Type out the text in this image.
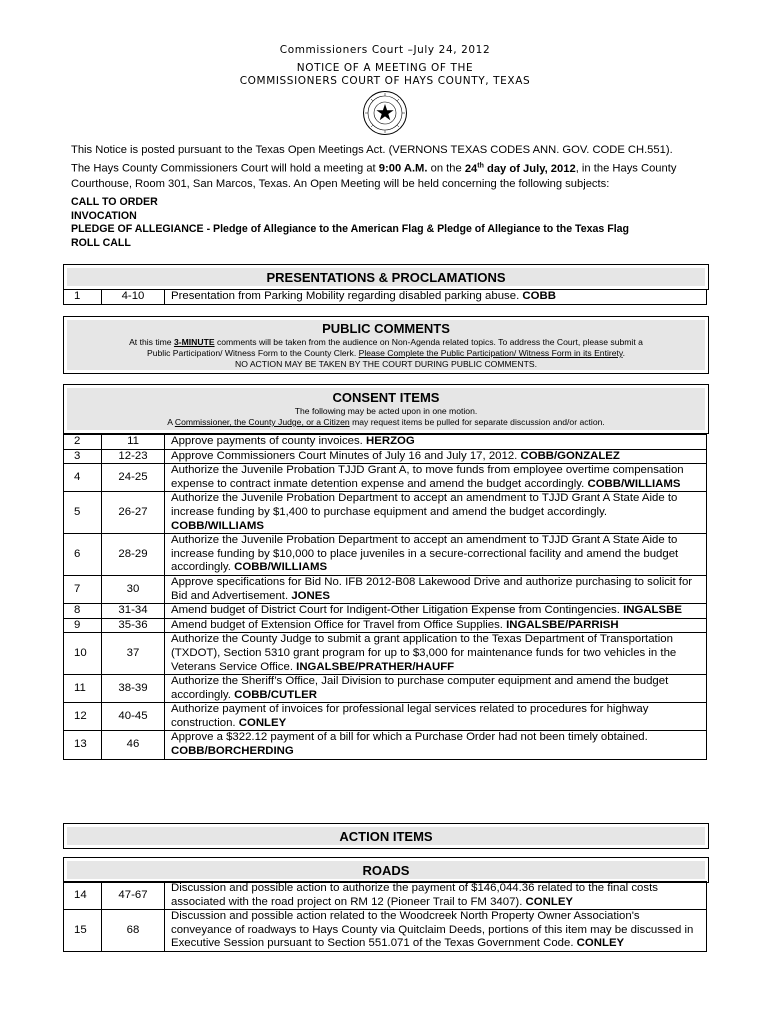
Commissioners Court –July 24, 2012
NOTICE OF A MEETING OF THE
COMMISSIONERS COURT OF HAYS COUNTY, TEXAS
This Notice is posted pursuant to the Texas Open Meetings Act. (VERNONS TEXAS CODES ANN. GOV. CODE CH.551).
The Hays County Commissioners Court will hold a meeting at 9:00 A.M. on the 24th day of July, 2012, in the Hays County
Courthouse, Room 301, San Marcos, Texas. An Open Meeting will be held concerning the following subjects:
CALL TO ORDER
INVOCATION
PLEDGE OF ALLEGIANCE - Pledge of Allegiance to the American Flag & Pledge of Allegiance to the Texas Flag
ROLL CALL
PRESENTATIONS & PROCLAMATIONS
1	4-10	Presentation from Parking Mobility regarding disabled parking abuse. COBB
PUBLIC COMMENTS
At this time 3-MINUTE comments will be taken from the audience on Non-Agenda related topics. To address the Court, please submit a
Public Participation/ Witness Form to the County Clerk. Please Complete the Public Participation/ Witness Form in its Entirety.
NO ACTION MAY BE TAKEN BY THE COURT DURING PUBLIC COMMENTS.
CONSENT ITEMS
The following may be acted upon in one motion.
A Commissioner, the County Judge, or a Citizen may request items be pulled for separate discussion and/or action.
2	11	Approve payments of county invoices. HERZOG
3	12-23	Approve Commissioners Court Minutes of July 16 and July 17, 2012. COBB/GONZALEZ
4	24-25	Authorize the Juvenile Probation TJJD Grant A, to move funds from employee overtime compensation expense to contract inmate detention expense and amend the budget accordingly. COBB/WILLIAMS
5	26-27	Authorize the Juvenile Probation Department to accept an amendment to TJJD Grant A State Aide to increase funding by $1,400 to purchase equipment and amend the budget accordingly. COBB/WILLIAMS
6	28-29	Authorize the Juvenile Probation Department to accept an amendment to TJJD Grant A State Aide to increase funding by $10,000 to place juveniles in a secure-correctional facility and amend the budget accordingly. COBB/WILLIAMS
7	30	Approve specifications for Bid No. IFB 2012-B08 Lakewood Drive and authorize purchasing to solicit for Bid and Advertisement. JONES
8	31-34	Amend budget of District Court for Indigent-Other Litigation Expense from Contingencies. INGALSBE
9	35-36	Amend budget of Extension Office for Travel from Office Supplies. INGALSBE/PARRISH
10	37	Authorize the County Judge to submit a grant application to the Texas Department of Transportation (TXDOT), Section 5310 grant program for up to $3,000 for maintenance funds for two vehicles in the Veterans Service Office. INGALSBE/PRATHER/HAUFF
11	38-39	Authorize the Sheriff’s Office, Jail Division to purchase computer equipment and amend the budget accordingly. COBB/CUTLER
12	40-45	Authorize payment of invoices for professional legal services related to procedures for highway construction. CONLEY
13	46	Approve a $322.12 payment of a bill for which a Purchase Order had not been timely obtained. COBB/BORCHERDING
ACTION ITEMS
ROADS
14	47-67	Discussion and possible action to authorize the payment of $146,044.36 related to the final costs associated with the road project on RM 12 (Pioneer Trail to FM 3407). CONLEY
15	68	Discussion and possible action related to the Woodcreek North Property Owner Association's conveyance of roadways to Hays County via Quitclaim Deeds, portions of this item may be discussed in Executive Session pursuant to Section 551.071 of the Texas Government Code. CONLEY
